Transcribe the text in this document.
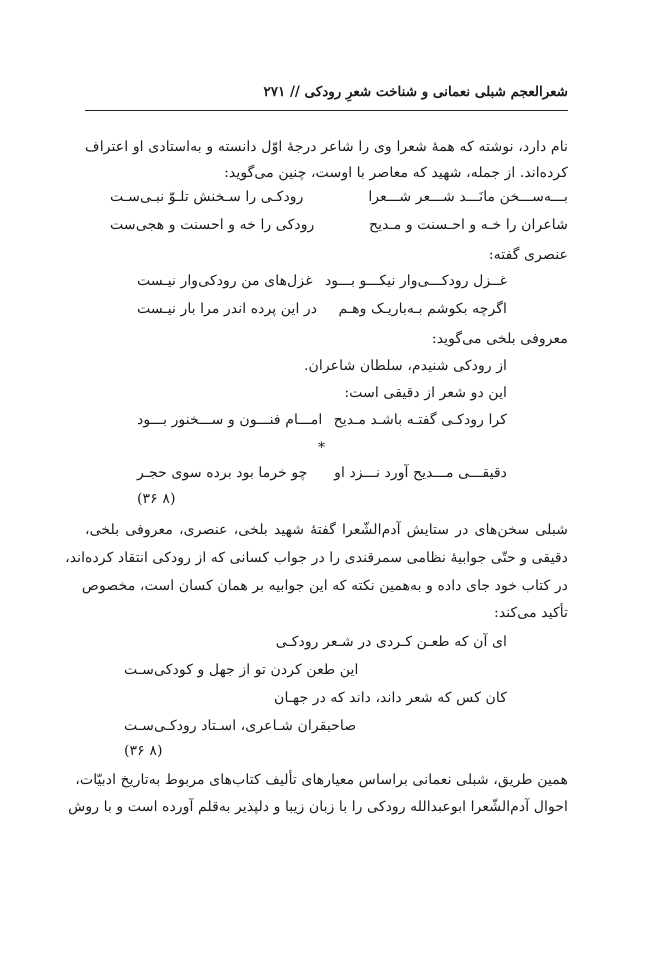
شعرالعجم شبلی نعمانی و شناخت شعرِ رودکی // ۲۷۱
نام دارد، نوشته که همهٔ شعرا وی را شاعر درجهٔ اوّل دانسته و به‌استادی او اعتراف
کرده‌اند. از جمله، شهید که معاصر با اوست، چنین می‌گوید:
بـــه‌ســـخن مانَـــد شـــعر شـــعرا
رودکـی را سـخنش تلـوّ نبـی‌سـت
شاعران را خـه و احـسنت و مـدیح
رودکی را خه و احسنت و هجی‌ست
عنصری گفته:
غــزل رودکـــی‌وار نیکـــو بـــود
غزل‌های من رودکی‌وار نیـست
اگرچه بکوشم بـه‌باریـک وهـم
در این پرده اندر مرا بار نیـست
معروفی بلخی می‌گوید:
از رودکی شنیدم، سلطان شاعران.
این دو شعر از دقیقی است:
کرا رودکـی گفتـه باشـد مـدیح
امـــام فنـــون و ســـخنور بـــود
*
دقیقـــی مـــدیح آورد نـــزد او
چو خرما بود برده سوی حجـر
(۸ ۳۶)
شبلی سخن‌های در ستایش آدم‌الشّعرا گفتهٔ شهید بلخی، عنصری، معروفی بلخی،
دقیقی و حتّی جوابیهٔ نظامی سمرقندی را در جواب کسانی که از رودکی انتقاد کرده‌اند،
در کتاب خود جای داده و به‌همین نکته که این جوابیه بر همان کسان است، مخصوص
تأکید می‌کند:
ای آن که طعـن کـردی در شـعر رودکـی
این طعن کردن تو از جهل و کودکی‌سـت
کان کس که شعر داند، داند که در جهـان
صاحبقران شـاعری، اسـتاد رودکـی‌سـت
(۸ ۳۶)
همین طریق، شبلی نعمانی براساس معیارهای تألیف کتاب‌های مربوط به‌تاریخ ادبیّات،
احوال آدم‌الشّعرا ابوعبدالله رودکی را با زبان زیبا و دلپذیر به‌قلم آورده است و با روش
